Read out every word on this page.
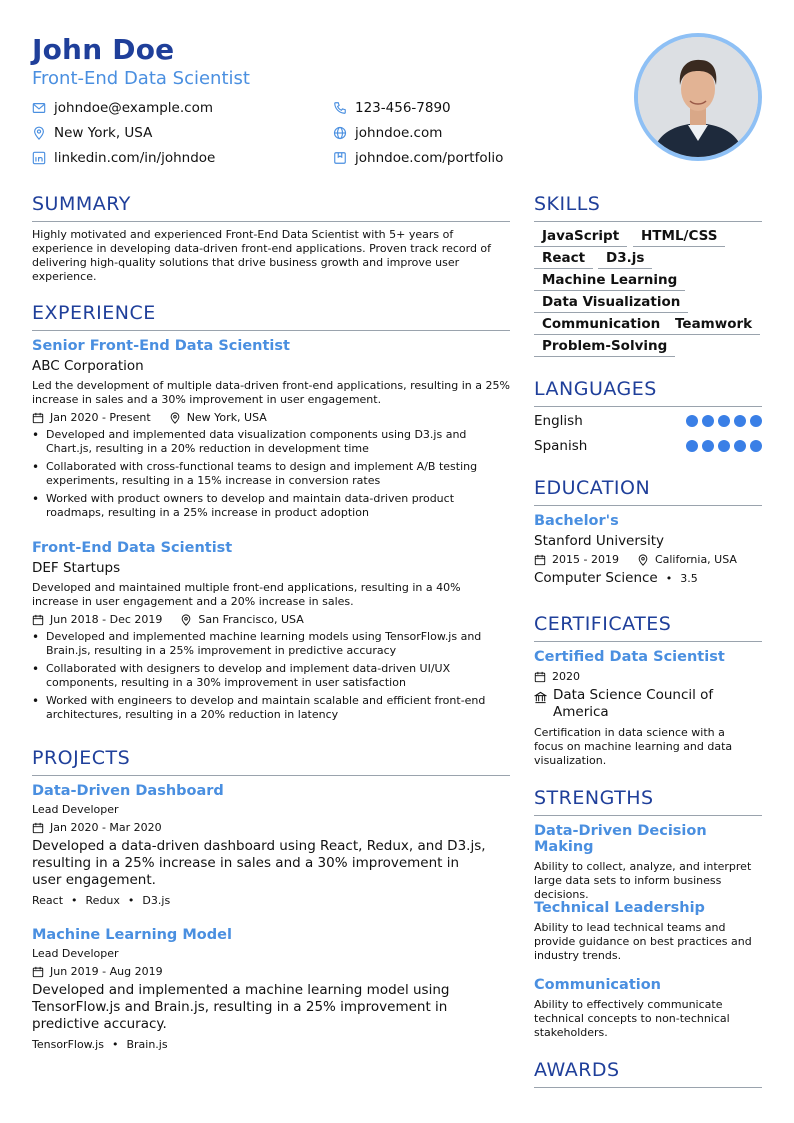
John Doe
Front-End Data Scientist
johndoe@example.com
New York, USA
linkedin.com/in/johndoe
123-456-7890
johndoe.com
johndoe.com/portfolio
SUMMARY
Highly motivated and experienced Front-End Data Scientist with 5+ years of experience in developing data-driven front-end applications. Proven track record of delivering high-quality solutions that drive business growth and improve user experience.
EXPERIENCE
Senior Front-End Data Scientist
ABC Corporation
Led the development of multiple data-driven front-end applications, resulting in a 25% increase in sales and a 30% improvement in user engagement.
Jan 2020 - Present	New York, USA
• Developed and implemented data visualization components using D3.js and Chart.js, resulting in a 20% reduction in development time
• Collaborated with cross-functional teams to design and implement A/B testing experiments, resulting in a 15% increase in conversion rates
• Worked with product owners to develop and maintain data-driven product roadmaps, resulting in a 25% increase in product adoption
Front-End Data Scientist
DEF Startups
Developed and maintained multiple front-end applications, resulting in a 40% increase in user engagement and a 20% increase in sales.
Jun 2018 - Dec 2019	San Francisco, USA
• Developed and implemented machine learning models using TensorFlow.js and Brain.js, resulting in a 25% improvement in predictive accuracy
• Collaborated with designers to develop and implement data-driven UI/UX components, resulting in a 30% improvement in user satisfaction
• Worked with engineers to develop and maintain scalable and efficient front-end architectures, resulting in a 20% reduction in latency
PROJECTS
Data-Driven Dashboard
Lead Developer
Jan 2020 - Mar 2020
Developed a data-driven dashboard using React, Redux, and D3.js, resulting in a 25% increase in sales and a 30% improvement in user engagement.
React • Redux • D3.js
Machine Learning Model
Lead Developer
Jun 2019 - Aug 2019
Developed and implemented a machine learning model using TensorFlow.js and Brain.js, resulting in a 25% improvement in predictive accuracy.
TensorFlow.js • Brain.js
SKILLS
JavaScript	HTML/CSS
React	D3.js
Machine Learning
Data Visualization
Communication	Teamwork
Problem-Solving
LANGUAGES
English
Spanish
EDUCATION
Bachelor's
Stanford University
2015 - 2019	California, USA
Computer Science • 3.5
CERTIFICATES
Certified Data Scientist
2020
Data Science Council of America
Certification in data science with a focus on machine learning and data visualization.
STRENGTHS
Data-Driven Decision Making
Ability to collect, analyze, and interpret large data sets to inform business decisions.
Technical Leadership
Ability to lead technical teams and provide guidance on best practices and industry trends.
Communication
Ability to effectively communicate technical concepts to non-technical stakeholders.
AWARDS
